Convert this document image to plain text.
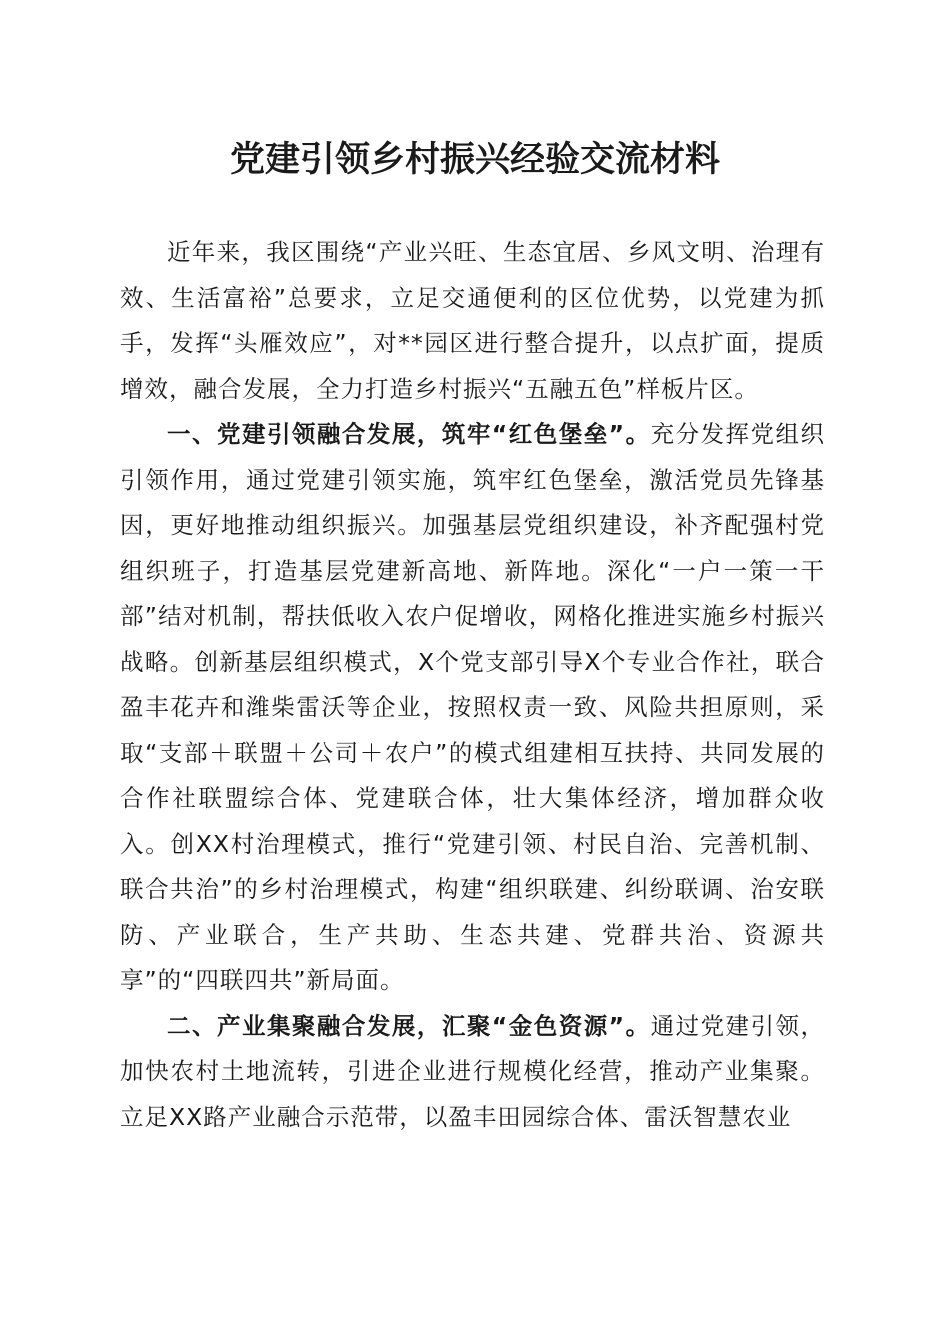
党建引领乡村振兴经验交流材料

近年来，我区围绕“产业兴旺、生态宜居、乡风文明、治理有效、生活富裕”总要求，立足交通便利的区位优势，以党建为抓手，发挥“头雁效应”，对**园区进行整合提升，以点扩面，提质增效，融合发展，全力打造乡村振兴“五融五色”样板片区。

一、党建引领融合发展，筑牢“红色堡垒”。充分发挥党组织引领作用，通过党建引领实施，筑牢红色堡垒，激活党员先锋基因，更好地推动组织振兴。加强基层党组织建设，补齐配强村党组织班子，打造基层党建新高地、新阵地。深化“一户一策一干部”结对机制，帮扶低收入农户促增收，网格化推进实施乡村振兴战略。创新基层组织模式，X个党支部引导X个专业合作社，联合盈丰花卉和潍柴雷沃等企业，按照权责一致、风险共担原则，采取“支部＋联盟＋公司＋农户”的模式组建相互扶持、共同发展的合作社联盟综合体、党建联合体，壮大集体经济，增加群众收入。创XX村治理模式，推行“党建引领、村民自治、完善机制、联合共治”的乡村治理模式，构建“组织联建、纠纷联调、治安联防、产业联合，生产共助、生态共建、党群共治、资源共享”的“四联四共”新局面。

二、产业集聚融合发展，汇聚“金色资源”。通过党建引领，加快农村土地流转，引进企业进行规模化经营，推动产业集聚。立足XX路产业融合示范带，以盈丰田园综合体、雷沃智慧农业
